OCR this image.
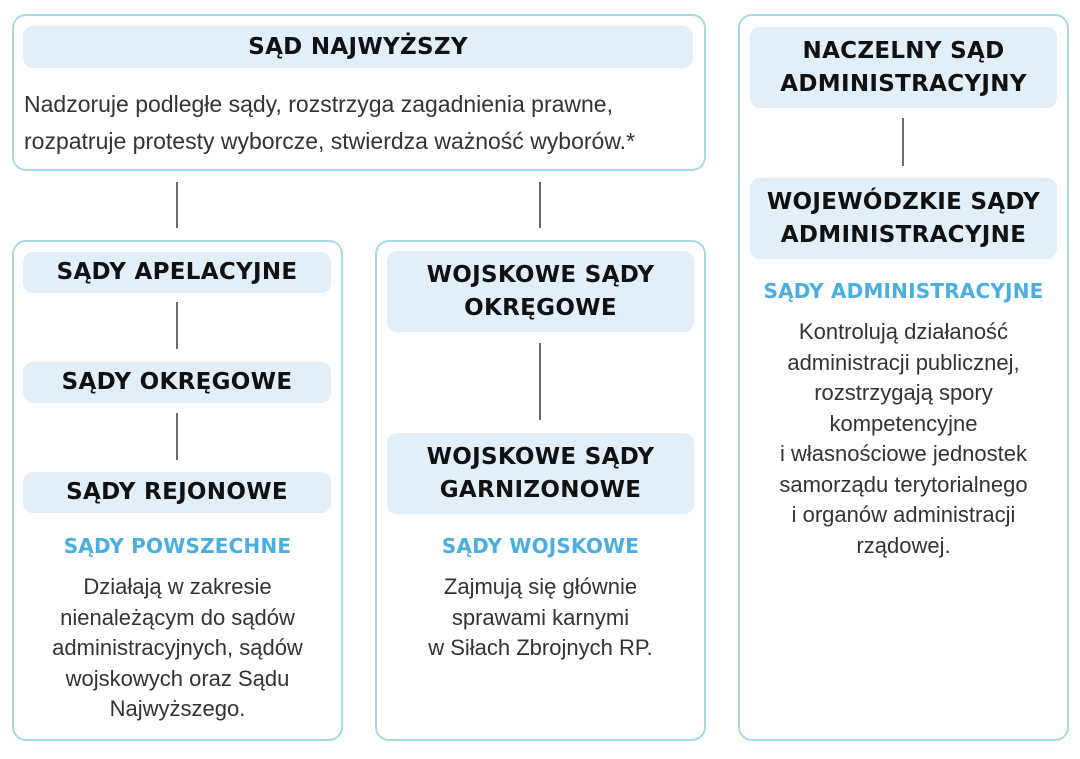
SĄD NAJWYŻSZY
Nadzoruje podległe sądy, rozstrzyga zagadnienia prawne,
rozpatruje protesty wyborcze, stwierdza ważność wyborów.*
SĄDY APELACYJNE
SĄDY OKRĘGOWE
SĄDY REJONOWE
SĄDY POWSZECHNE
Działają w zakresie
nienależącym do sądów
administracyjnych, sądów
wojskowych oraz Sądu
Najwyższego.
WOJSKOWE SĄDY
OKRĘGOWE
WOJSKOWE SĄDY
GARNIZONOWE
SĄDY WOJSKOWE
Zajmują się głównie
sprawami karnymi
w Siłach Zbrojnych RP.
NACZELNY SĄD
ADMINISTRACYJNY
WOJEWÓDZKIE SĄDY
ADMINISTRACYJNE
SĄDY ADMINISTRACYJNE
Kontrolują działaność
administracji publicznej,
rozstrzygają spory
kompetencyjne
i własnościowe jednostek
samorządu terytorialnego
i organów administracji
rządowej.
